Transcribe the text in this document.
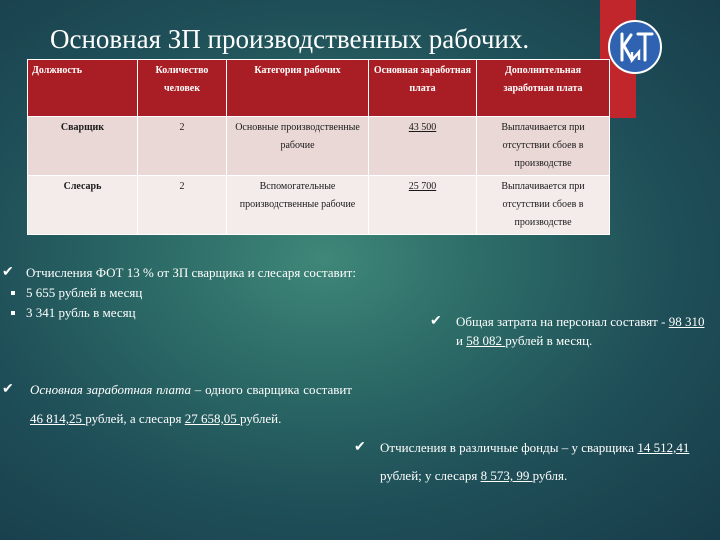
Основная ЗП производственных рабочих.
Должность	Количество человек	Категория рабочих	Основная заработная плата	Дополнительная заработная плата
Сварщик	2	Основные производственные рабочие	43 500	Выплачивается при отсутствии сбоев в производстве
Слесарь	2	Вспомогательные производственные рабочие	25 700	Выплачивается при отсутствии сбоев в производстве
✔ Отчисления ФОТ 13 % от ЗП сварщика и слесаря составит:
5 655 рублей в месяц
3 341 рубль в месяц
✔	Общая затрата на персонал составят - 98 310 и 58 082 рублей в месяц.
✔	Основная заработная плата – одного сварщика составит 46 814,25 рублей, а слесаря 27 658,05 рублей.
✔	Отчисления в различные фонды – у сварщика 14 512,41 рублей; у слесаря 8 573, 99 рубля.
